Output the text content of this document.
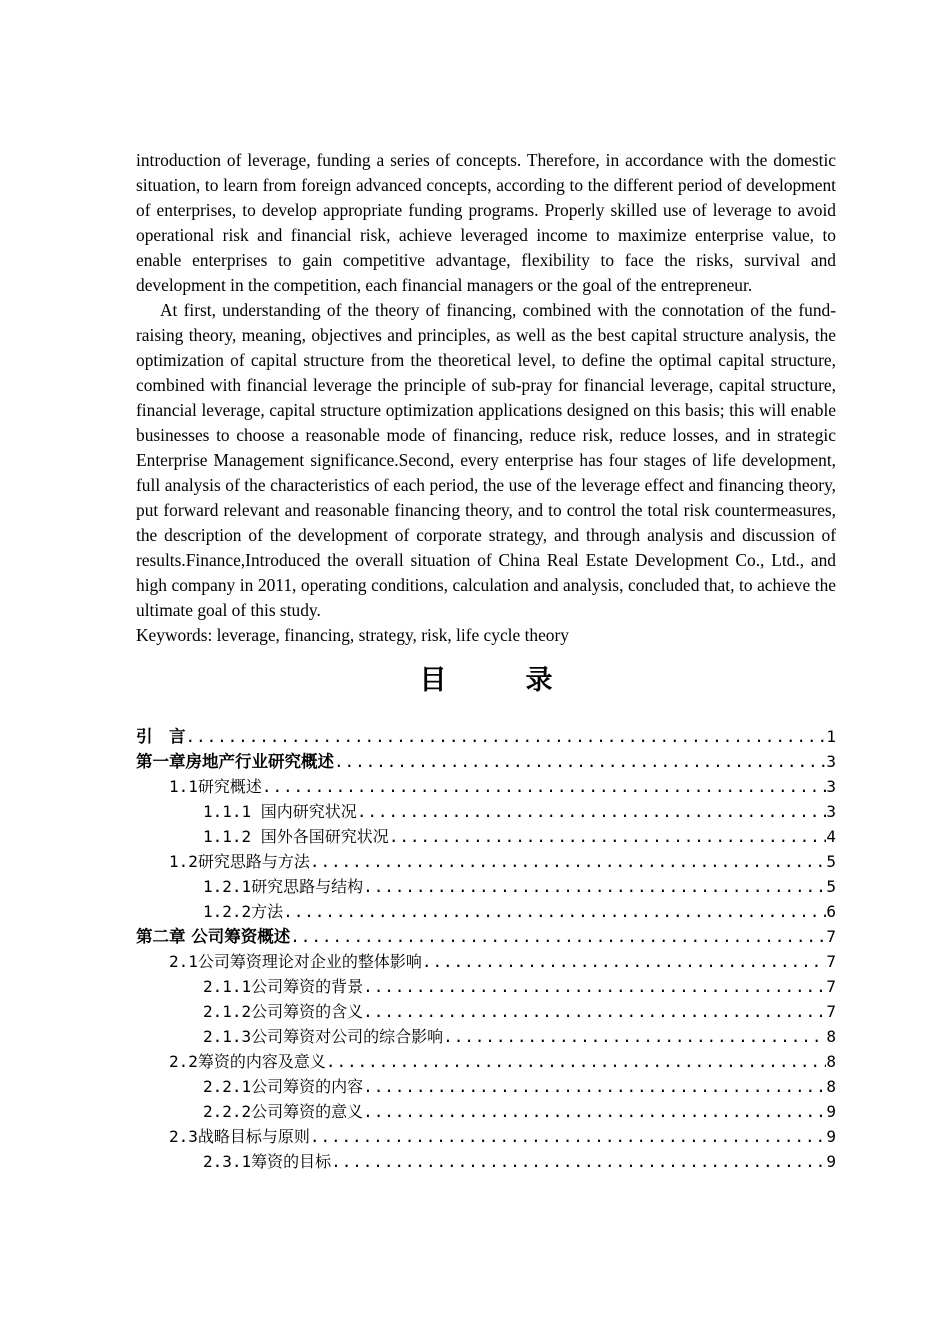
introduction of leverage, funding a series of concepts. Therefore, in accordance with the domestic situation, to learn from foreign advanced concepts, according to the different period of development of enterprises, to develop appropriate funding programs. Properly skilled use of leverage to avoid operational risk and financial risk, achieve leveraged income to maximize enterprise value, to enable enterprises to gain competitive advantage, flexibility to face the risks, survival and development in the competition, each financial managers or the goal of the entrepreneur.

At first, understanding of the theory of financing, combined with the connotation of the fund-raising theory, meaning, objectives and principles, as well as the best capital structure analysis, the optimization of capital structure from the theoretical level, to define the optimal capital structure, combined with financial leverage the principle of sub-pray for financial leverage, capital structure, financial leverage, capital structure optimization applications designed on this basis; this will enable businesses to choose a reasonable mode of financing, reduce risk, reduce losses, and in strategic Enterprise Management significance.Second, every enterprise has four stages of life development, full analysis of the characteristics of each period, the use of the leverage effect and financing theory, put forward relevant and reasonable financing theory, and to control the total risk countermeasures, the description of the development of corporate strategy, and through analysis and discussion of results.Finance,Introduced the overall situation of China Real Estate Development Co., Ltd., and high company in 2011, operating conditions, calculation and analysis, concluded that, to achieve the ultimate goal of this study.

Keywords: leverage, financing, strategy, risk, life cycle theory

目　录
引　言 .....	1
第一章房地产行业研究概述 .....	3
1.1研究概述 .....	3
1.1.1 国内研究状况 .....	3
1.1.2 国外各国研究状况 .....	4
1.2研究思路与方法 .....	5
1.2.1研究思路与结构 .....	5
1.2.2方法 .....	6
第二章 公司筹资概述 .....	7
2.1公司筹资理论对企业的整体影响 .....	7
2.1.1公司筹资的背景 .....	7
2.1.2公司筹资的含义 .....	7
2.1.3公司筹资对公司的综合影响 .....	8
2.2筹资的内容及意义 .....	8
2.2.1公司筹资的内容 .....	8
2.2.2公司筹资的意义 .....	9
2.3战略目标与原则 .....	9
2.3.1筹资的目标 .....	9
